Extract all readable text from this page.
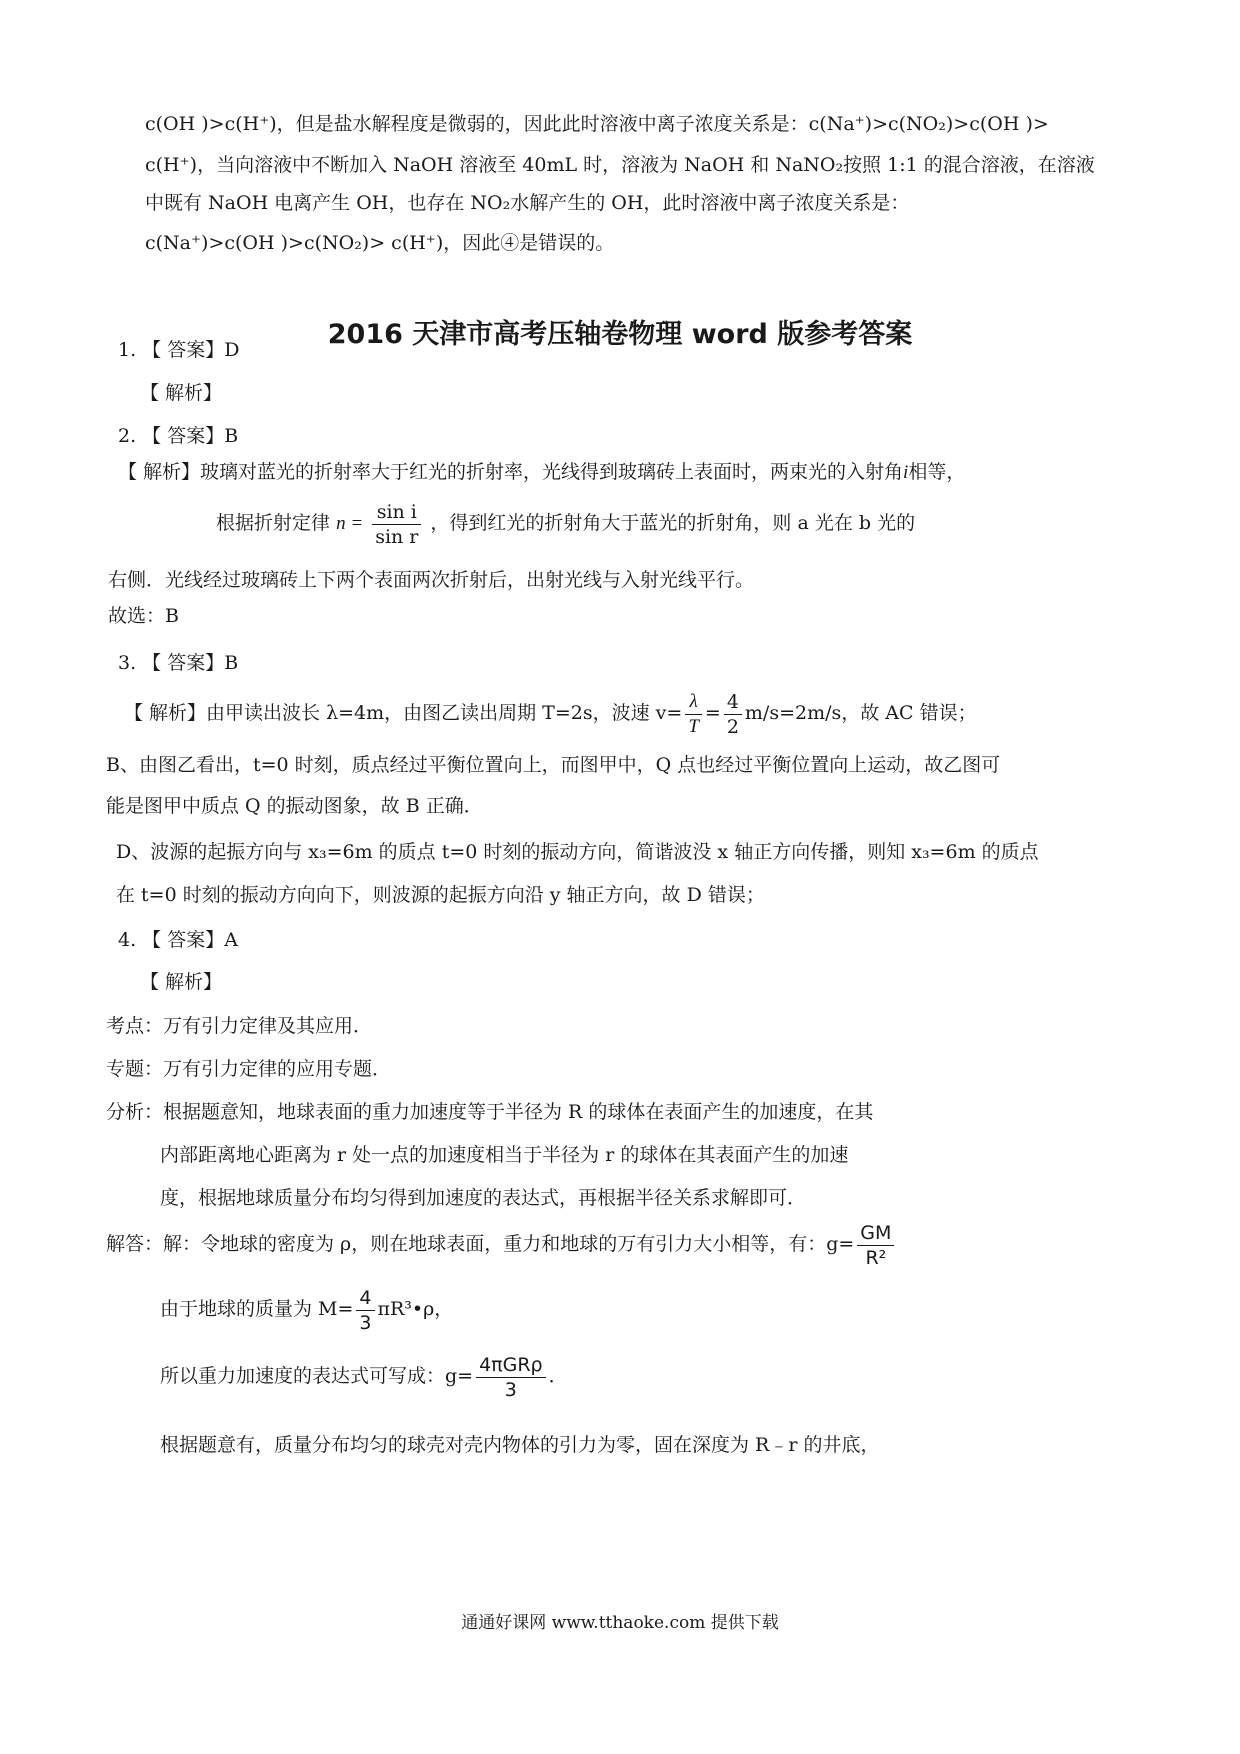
c(OH )>c(H⁺)，但是盐水解程度是微弱的，因此此时溶液中离子浓度关系是：c(Na⁺)>c(NO₂)>c(OH )>
c(H⁺)，当向溶液中不断加入 NaOH 溶液至 40mL 时，溶液为 NaOH 和 NaNO₂按照 1:1 的混合溶液，在溶液
中既有 NaOH 电离产生 OH，也存在 NO₂水解产生的 OH，此时溶液中离子浓度关系是：
c(Na⁺)>c(OH )>c(NO₂)> c(H⁺)，因此④是错误的。
2016 天津市高考压轴卷物理 word 版参考答案
1. 【 答案】D
【 解析】
2. 【 答案】B
【 解析】玻璃对蓝光的折射率大于红光的折射率，光线得到玻璃砖上表面时，两束光的入射角i相等，
根据折射定律 $n = \frac{\text{sin i}}{\text{sin r}}$ ，得到红光的折射角大于蓝光的折射角，则 a 光在 b 光的
右侧．光线经过玻璃砖上下两个表面两次折射后，出射光线与入射光线平行。
故选：B
3. 【 答案】B
【 解析】由甲读出波长 λ=4m，由图乙读出周期 T=2s，波速 $v= \frac{\lambda}{T} = \frac{4}{2} m/s=2m/s$，故 AC 错误；
B、由图乙看出，t=0 时刻，质点经过平衡位置向上，而图甲中，Q 点也经过平衡位置向上运动，故乙图可
能是图甲中质点 Q 的振动图象，故 B 正确．
D、波源的起振方向与 x₃=6m 的质点 t=0 时刻的振动方向，简谐波没 x 轴正方向传播，则知 x₃=6m 的质点
在 t=0 时刻的振动方向向下，则波源的起振方向沿 y 轴正方向，故 D 错误；
4. 【 答案】A
【 解析】
考点：万有引力定律及其应用．
专题：万有引力定律的应用专题．
分析：根据题意知，地球表面的重力加速度等于半径为 R 的球体在表面产生的加速度，在其
内部距离地心距离为 r 处一点的加速度相当于半径为 r 的球体在其表面产生的加速
度，根据地球质量分布均匀得到加速度的表达式，再根据半径关系求解即可．
解答：解：令地球的密度为 ρ，则在地球表面，重力和地球的万有引力大小相等，有：$g= \frac{GM}{\text{R²}}$
由于地球的质量为 $M= \frac{4}{3}$ πR³•ρ，
所以重力加速度的表达式可写成：$g= \frac{\text{4πGRρ}}{3}$ ．
根据题意有，质量分布均匀的球壳对壳内物体的引力为零，固在深度为 R﹣r 的井底，
通通好课网 www.tthaoke.com 提供下载
